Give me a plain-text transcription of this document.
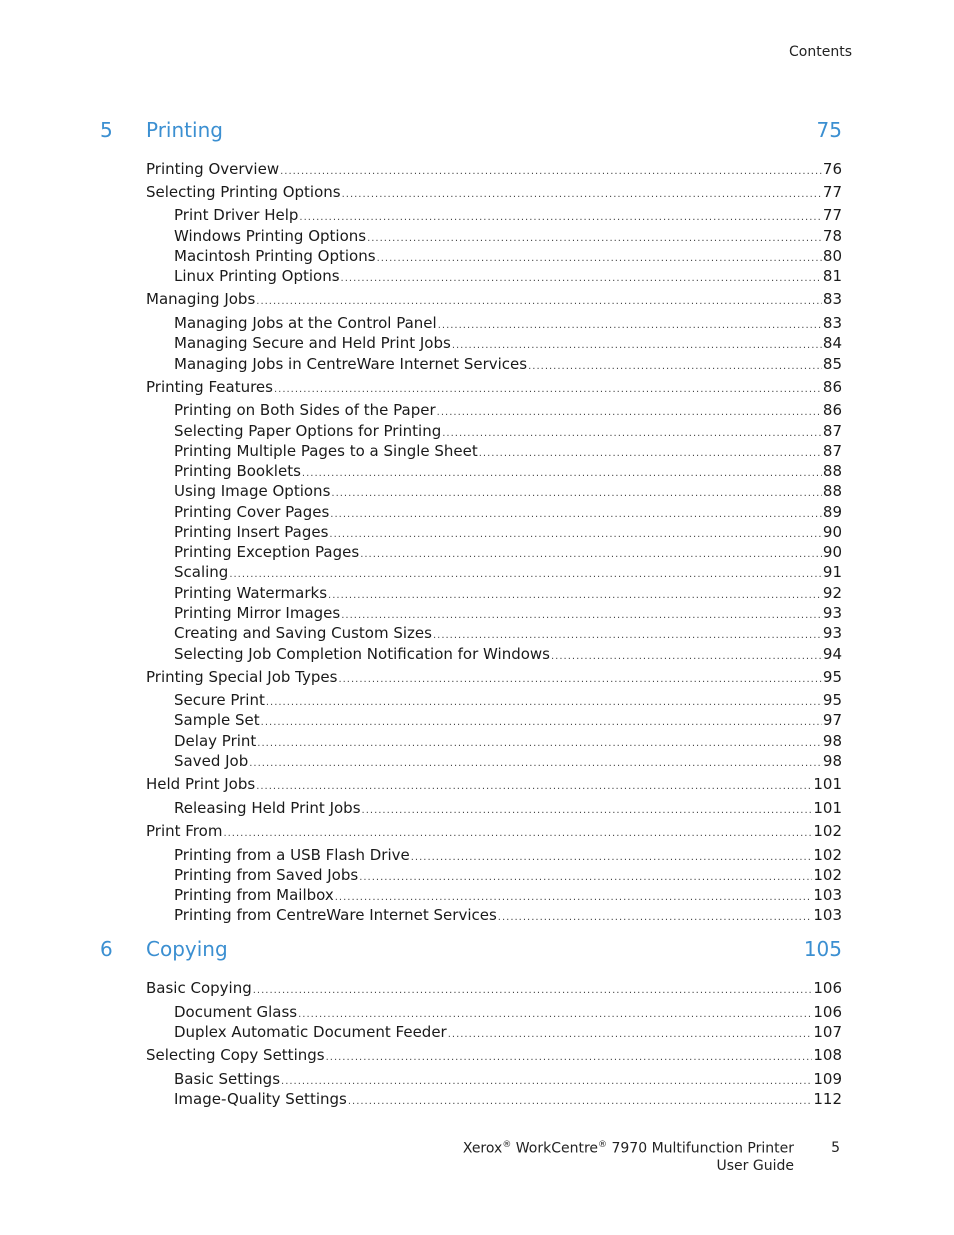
Contents
5 Printing	75
Printing Overview .....	76
Selecting Printing Options .....	77
Print Driver Help .....	77
Windows Printing Options .....	78
Macintosh Printing Options .....	80
Linux Printing Options .....	81
Managing Jobs .....	83
Managing Jobs at the Control Panel .....	83
Managing Secure and Held Print Jobs .....	84
Managing Jobs in CentreWare Internet Services .....	85
Printing Features .....	86
Printing on Both Sides of the Paper .....	86
Selecting Paper Options for Printing .....	87
Printing Multiple Pages to a Single Sheet .....	87
Printing Booklets .....	88
Using Image Options .....	88
Printing Cover Pages .....	89
Printing Insert Pages .....	90
Printing Exception Pages .....	90
Scaling .....	91
Printing Watermarks .....	92
Printing Mirror Images .....	93
Creating and Saving Custom Sizes .....	93
Selecting Job Completion Notification for Windows .....	94
Printing Special Job Types .....	95
Secure Print .....	95
Sample Set .....	97
Delay Print .....	98
Saved Job .....	98
Held Print Jobs .....	101
Releasing Held Print Jobs .....	101
Print From .....	102
Printing from a USB Flash Drive .....	102
Printing from Saved Jobs .....	102
Printing from Mailbox .....	103
Printing from CentreWare Internet Services .....	103
6 Copying	105
Basic Copying .....	106
Document Glass .....	106
Duplex Automatic Document Feeder .....	107
Selecting Copy Settings .....	108
Basic Settings .....	109
Image-Quality Settings .....	112
Xerox® WorkCentre® 7970 Multifunction Printer
User Guide
5
